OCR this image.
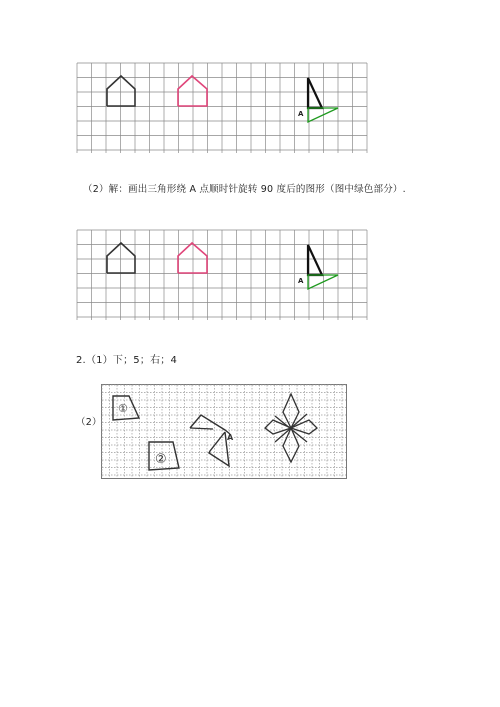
A
（2）解：画出三角形绕 A 点顺时针旋转 90 度后的图形（图中绿色部分）.
A
2.（1）下；5；右；4
（2）
①
②
A
